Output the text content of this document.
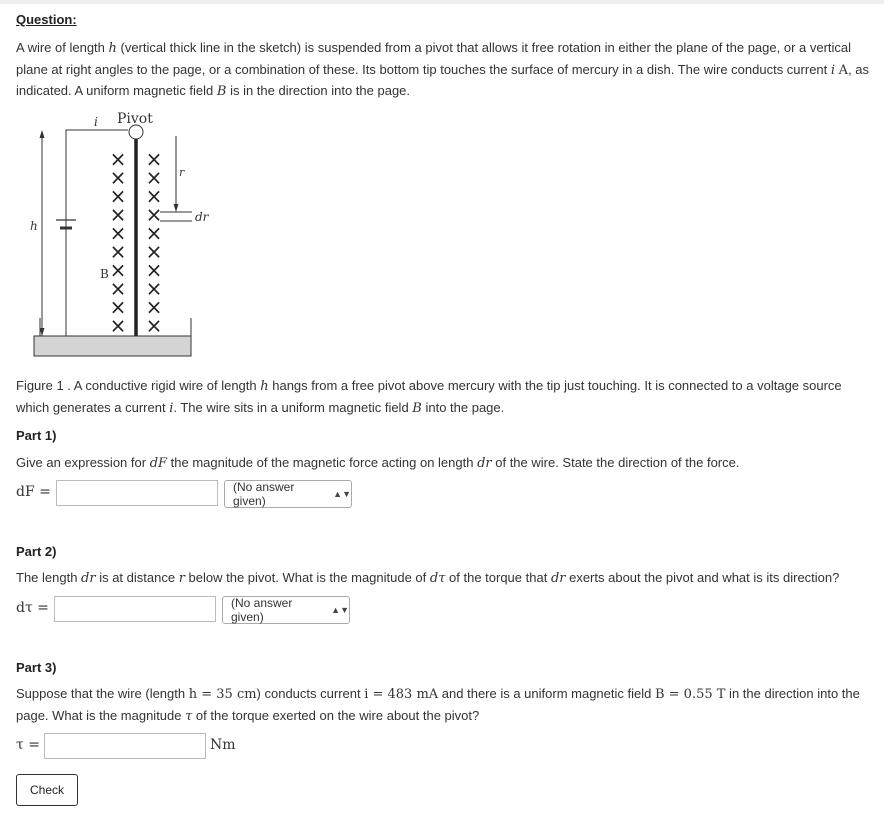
Question:
A wire of length h (vertical thick line in the sketch) is suspended from a pivot that allows it free rotation in either the plane of the page, or a vertical plane at right angles to the page, or a combination of these. Its bottom tip touches the surface of mercury in a dish. The wire conducts current i A, as indicated. A uniform magnetic field B is in the direction into the page.
i Pivot
h
r
dr
B
×
×
×
×
×
×
×
×
×
×
×
×
×
×
×
×
×
×
×
×
Figure 1 . A conductive rigid wire of length h hangs from a free pivot above mercury with the tip just touching. It is connected to a voltage source which generates a current i. The wire sits in a uniform magnetic field B into the page.
Part 1)
Give an expression for dF the magnitude of the magnetic force acting on length dr of the wire. State the direction of the force.
dF =	(No answer given)	▲▼
Part 2)
The length dr is at distance r below the pivot. What is the magnitude of dτ of the torque that dr exerts about the pivot and what is its direction?
dτ =	(No answer given)	▲▼
Part 3)
Suppose that the wire (length h = 35 cm) conducts current i = 483 mA and there is a uniform magnetic field B = 0.55 T in the direction into the page. What is the magnitude τ of the torque exerted on the wire about the pivot?
τ =	Nm
Check
